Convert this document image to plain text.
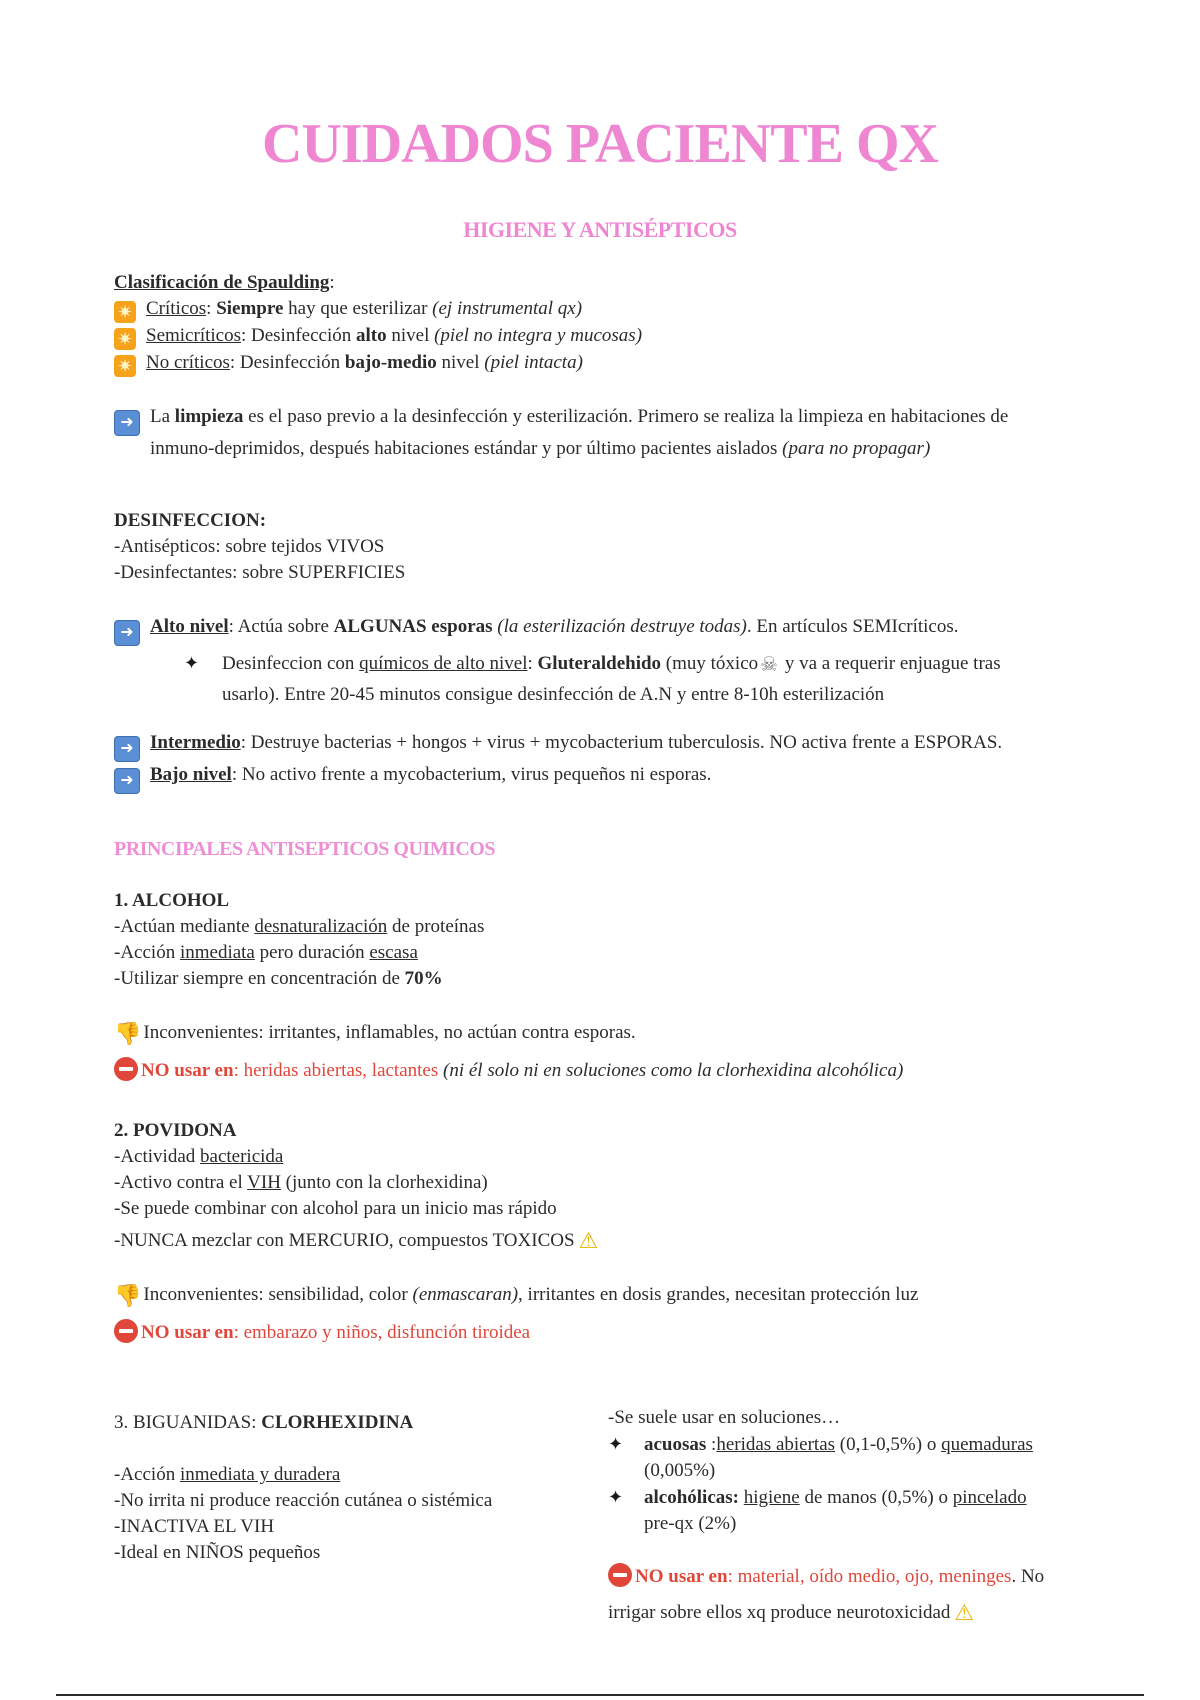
CUIDADOS PACIENTE QX
HIGIENE Y ANTISÉPTICOS
Clasificación de Spaulding:
✷ Críticos: Siempre hay que esterilizar (ej instrumental qx)
✷ Semicríticos: Desinfección alto nivel (piel no integra y mucosas)
✷ No críticos: Desinfección bajo-medio nivel (piel intacta)
➜ La limpieza es el paso previo a la desinfección y esterilización. Primero se realiza la limpieza en habitaciones de
inmuno-deprimidos, después habitaciones estándar y por último pacientes aislados (para no propagar)
DESINFECCION:
-Antisépticos: sobre tejidos VIVOS
-Desinfectantes: sobre SUPERFICIES
➜ Alto nivel: Actúa sobre ALGUNAS esporas (la esterilización destruye todas). En artículos SEMIcríticos.
✦ Desinfeccion con químicos de alto nivel: Gluteraldehido (muy tóxico ☠ y va a requerir enjuague tras
usarlo). Entre 20-45 minutos consigue desinfección de A.N y entre 8-10h esterilización
➜ Intermedio: Destruye bacterias + hongos + virus + mycobacterium tuberculosis. NO activa frente a ESPORAS.
➜ Bajo nivel: No activo frente a mycobacterium, virus pequeños ni esporas.
PRINCIPALES ANTISEPTICOS QUIMICOS
1. ALCOHOL
-Actúan mediante desnaturalización de proteínas
-Acción inmediata pero duración escasa
-Utilizar siempre en concentración de 70%
👎 Inconvenientes: irritantes, inflamables, no actúan contra esporas.
NO usar en: heridas abiertas, lactantes (ni él solo ni en soluciones como la clorhexidina alcohólica)
2. POVIDONA
-Actividad bactericida
-Activo contra el VIH (junto con la clorhexidina)
-Se puede combinar con alcohol para un inicio mas rápido
-NUNCA mezclar con MERCURIO, compuestos TOXICOS ⚠
👎 Inconvenientes: sensibilidad, color (enmascaran), irritantes en dosis grandes, necesitan protección luz
NO usar en: embarazo y niños, disfunción tiroidea
3. BIGUANIDAS: CLORHEXIDINA
-Acción inmediata y duradera
-No irrita ni produce reacción cutánea o sistémica
-INACTIVA EL VIH
-Ideal en NIÑOS pequeños
-Se suele usar en soluciones…
✦ acuosas :heridas abiertas (0,1-0,5%) o quemaduras
(0,005%)
✦ alcohólicas: higiene de manos (0,5%) o pincelado
pre-qx (2%)
NO usar en: material, oído medio, ojo, meninges. No
irrigar sobre ellos xq produce neurotoxicidad ⚠
